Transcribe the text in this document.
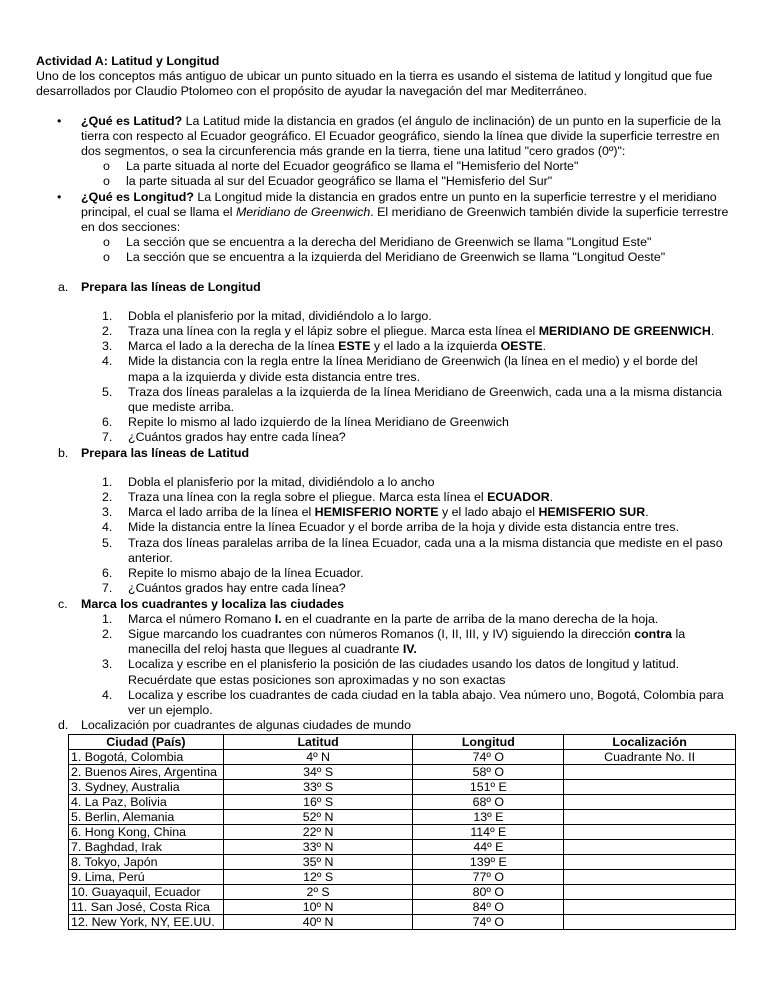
Actividad A: Latitud y Longitud

Uno de los conceptos más antiguo de ubicar un punto situado en la tierra es usando el sistema de latitud y longitud que fue desarrollados por Claudio Ptolomeo con el propósito de ayudar la navegación del mar Mediterráneo.

• ¿Qué es Latitud? La Latitud mide la distancia en grados (el ángulo de inclinación) de un punto en la superficie de la tierra con respecto al Ecuador geográfico. El Ecuador geográfico, siendo la línea que divide la superficie terrestre en dos segmentos, o sea la circunferencia más grande en la tierra, tiene una latitud "cero grados (0º)":
o	La parte situada al norte del Ecuador geográfico se llama el "Hemisferio del Norte"
o	la parte situada al sur del Ecuador geográfico se llama el "Hemisferio del Sur"
• ¿Qué es Longitud? La Longitud mide la distancia en grados entre un punto en la superficie terrestre y el meridiano principal, el cual se llama el Meridiano de Greenwich. El meridiano de Greenwich también divide la superficie terrestre en dos secciones:
o	La sección que se encuentra a la derecha del Meridiano de Greenwich se llama "Longitud Este"
o	La sección que se encuentra a la izquierda del Meridiano de Greenwich se llama "Longitud Oeste"
a. Prepara las líneas de Longitud
1. Dobla el planisferio por la mitad, dividiéndolo a lo largo.
2. Traza una línea con la regla y el lápiz sobre el pliegue. Marca esta línea el MERIDIANO DE GREENWICH.
3. Marca el lado a la derecha de la línea ESTE y el lado a la izquierda OESTE.
4. Mide la distancia con la regla entre la línea Meridiano de Greenwich (la línea en el medio) y el borde del mapa a la izquierda y divide esta distancia entre tres.
5. Traza dos líneas paralelas a la izquierda de la línea Meridiano de Greenwich, cada una a la misma distancia que mediste arriba.
6. Repite lo mismo al lado izquierdo de la línea Meridiano de Greenwich
7. ¿Cuántos grados hay entre cada línea?
b. Prepara las líneas de Latitud
1. Dobla el planisferio por la mitad, dividiéndolo a lo ancho
2. Traza una línea con la regla sobre el pliegue. Marca esta línea el ECUADOR.
3. Marca el lado arriba de la línea el HEMISFERIO NORTE y el lado abajo el HEMISFERIO SUR.
4. Mide la distancia entre la línea Ecuador y el borde arriba de la hoja y divide esta distancia entre tres.
5. Traza dos líneas paralelas arriba de la línea Ecuador, cada una a la misma distancia que mediste en el paso anterior.
6. Repite lo mismo abajo de la línea Ecuador.
7. ¿Cuántos grados hay entre cada línea?
c. Marca los cuadrantes y localiza las ciudades
1. Marca el número Romano I. en el cuadrante en la parte de arriba de la mano derecha de la hoja.
2. Sigue marcando los cuadrantes con números Romanos (I, II, III, y IV) siguiendo la dirección contra la manecilla del reloj hasta que llegues al cuadrante IV.
3. Localiza y escribe en el planisferio la posición de las ciudades usando los datos de longitud y latitud. Recuérdate que estas posiciones son aproximadas y no son exactas
4. Localiza y escribe los cuadrantes de cada ciudad en la tabla abajo. Vea número uno, Bogotá, Colombia para ver un ejemplo.
d. Localización por cuadrantes de algunas ciudades de mundo
Ciudad (País)	Latitud	Longitud	Localización
1. Bogotá, Colombia	4º N	74º O	Cuadrante No. II
2. Buenos Aires, Argentina	34º S	58º O	
3. Sydney, Australia	33º S	151º E	
4. La Paz, Bolivia	16º S	68º O	
5. Berlin, Alemania	52º N	13º E	
6. Hong Kong, China	22º N	114º E	
7. Baghdad, Irak	33º N	44º E	
8. Tokyo, Japón	35º N	139º E	
9. Lima, Perú	12º S	77º O	
10. Guayaquil, Ecuador	2º S	80º O	
11. San José, Costa Rica	10º N	84º O	
12. New York, NY, EE.UU.	40º N	74º O	
